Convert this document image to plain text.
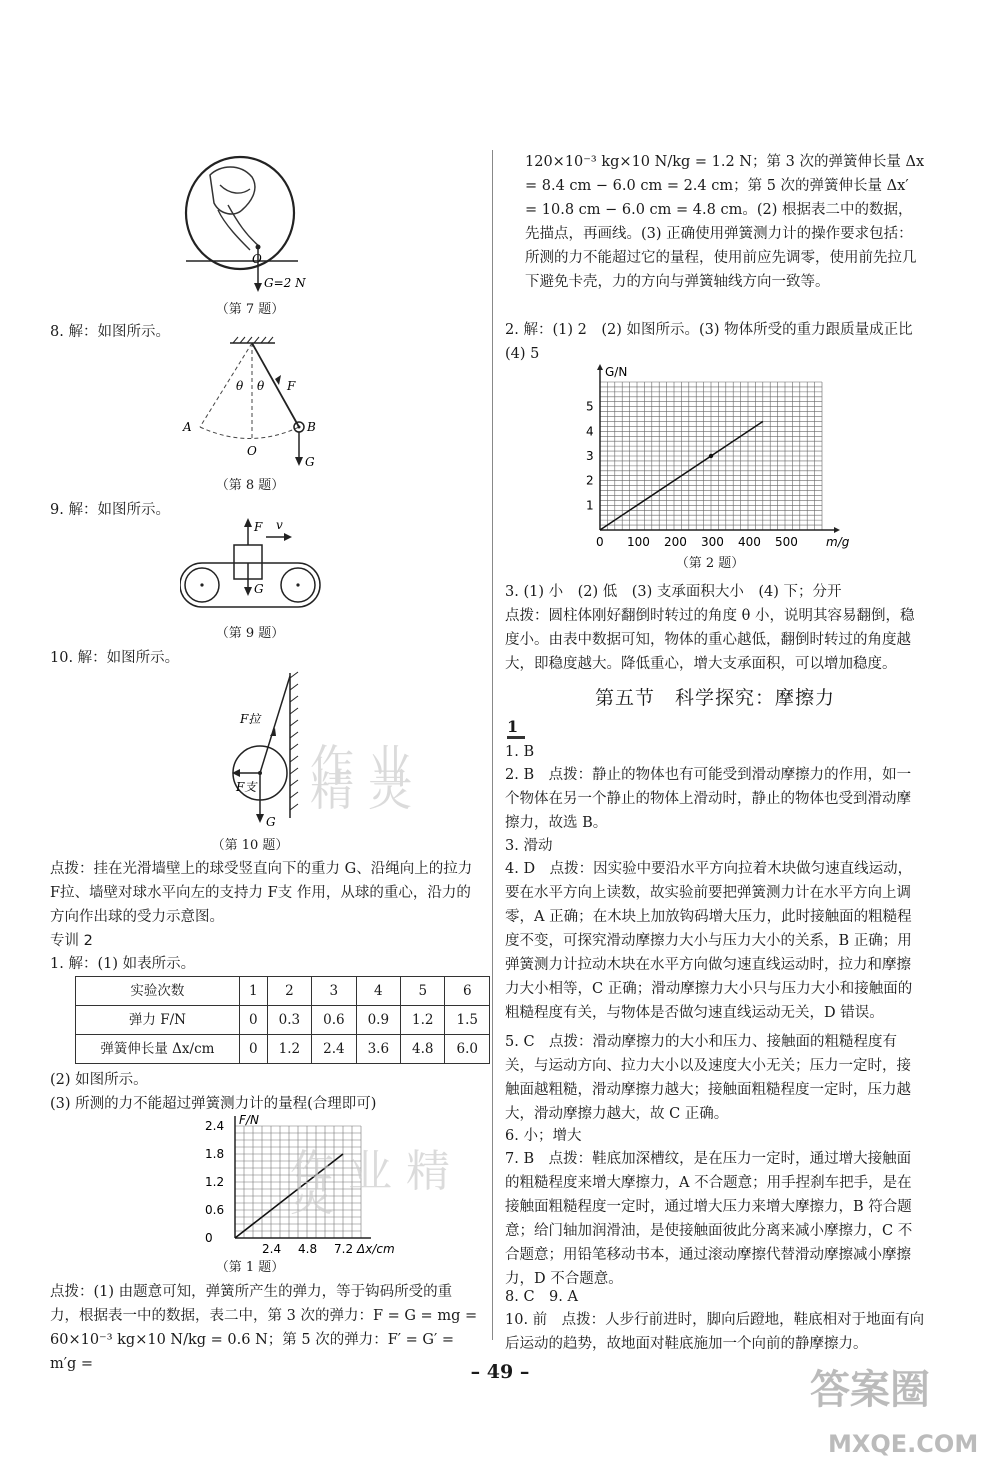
O
G=2 N
（第 7 题）
8. 解：如图所示。
θ θ F
B
A
O
G
（第 8 题）
9. 解：如图所示。
F v
G
（第 9 题）
10. 解：如图所示。
F拉
F支
G
（第 10 题）
作业精灵
点拨：挂在光滑墙壁上的球受竖直向下的重力 G、沿绳向上的拉力 F拉、墙壁对球水平向左的支持力 F支 作用，从球的重心，沿力的方向作出球的受力示意图。
专训 2
1. 解：(1) 如表所示。
实验次数	1	2	3	4	5	6
弹力 F/N	0	0.3	0.6	0.9	1.2	1.5
弹簧伸长量 Δx/cm	0	1.2	2.4	3.6	4.8	6.0
(2) 如图所示。
(3) 所测的力不能超过弹簧测力计的量程(合理即可)
2.4 4.8 7.2
0
0.6
1.2
1.8
2.4
Δx/cm
F/N
（第 1 题）
作业精灵
点拨：(1) 由题意可知，弹簧所产生的弹力，等于钩码所受的重力，根据表一中的数据，表二中，第 3 次的弹力：F = G = mg = 60×10⁻³ kg×10 N/kg = 0.6 N；第 5 次的弹力：F′ = G′ = m′g =
120×10⁻³ kg×10 N/kg = 1.2 N；第 3 次的弹簧伸长量 Δx = 8.4 cm − 6.0 cm = 2.4 cm；第 5 次的弹簧伸长量 Δx′ = 10.8 cm − 6.0 cm = 4.8 cm。(2) 根据表二中的数据，先描点，再画线。(3) 正确使用弹簧测力计的操作要求包括：所测的力不能超过它的量程，使用前应先调零，使用前先拉几下避免卡壳，力的方向与弹簧轴线方向一致等。
2. 解：(1) 2　(2) 如图所示。(3) 物体所受的重力跟质量成正比　(4) 5
0 100 200 300 400 500
1
2
3
4
5
m/g
G/N
（第 2 题）
3. (1) 小　(2) 低　(3) 支承面积大小　(4) 下；分开
点拨：圆柱体刚好翻倒时转过的角度 θ 小，说明其容易翻倒，稳度小。由表中数据可知，物体的重心越低，翻倒时转过的角度越大，即稳度越大。降低重心，增大支承面积，可以增加稳度。
第五节　科学探究：摩擦力
1
1. B
2. B　点拨：静止的物体也有可能受到滑动摩擦力的作用，如一个物体在另一个静止的物体上滑动时，静止的物体也受到滑动摩擦力，故选 B。
3. 滑动
4. D　点拨：因实验中要沿水平方向拉着木块做匀速直线运动，要在水平方向上读数，故实验前要把弹簧测力计在水平方向上调零，A 正确；在木块上加放钩码增大压力，此时接触面的粗糙程度不变，可探究滑动摩擦力大小与压力大小的关系，B 正确；用弹簧测力计拉动木块在水平方向做匀速直线运动时，拉力和摩擦力大小相等，C 正确；滑动摩擦力大小只与压力大小和接触面的粗糙程度有关，与物体是否做匀速直线运动无关，D 错误。
5. C　点拨：滑动摩擦力的大小和压力、接触面的粗糙程度有关，与运动方向、拉力大小以及速度大小无关；压力一定时，接触面越粗糙，滑动摩擦力越大；接触面粗糙程度一定时，压力越大，滑动摩擦力越大，故 C 正确。
6. 小；增大
7. B　点拨：鞋底加深槽纹，是在压力一定时，通过增大接触面的粗糙程度来增大摩擦力，A 不合题意；用手捏刹车把手，是在接触面粗糙程度一定时，通过增大压力来增大摩擦力，B 符合题意；给门轴加润滑油，是使接触面彼此分离来减小摩擦力，C 不合题意；用铅笔移动书本，通过滚动摩擦代替滑动摩擦减小摩擦力，D 不合题意。
8. C　9. A
10. 前　点拨：人步行前进时，脚向后蹬地，鞋底相对于地面有向后运动的趋势，故地面对鞋底施加一个向前的静摩擦力。
– 49 –	答案圈
MXQE.COM
